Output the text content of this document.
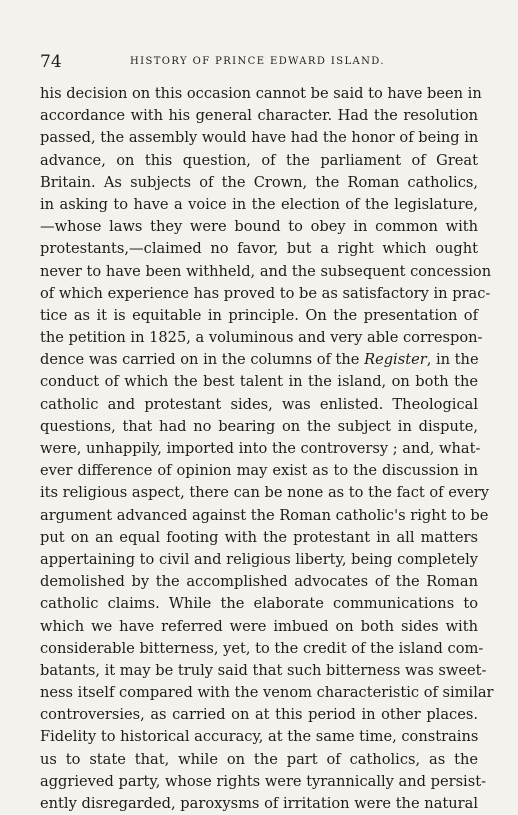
74	HISTORY OF PRINCE EDWARD ISLAND.
his decision on this occasion cannot be said to have been in
accordance with his general character. Had the resolution
passed, the assembly would have had the honor of being in
advance, on this question, of the parliament of Great
Britain. As subjects of the Crown, the Roman catholics,
in asking to have a voice in the election of the legislature,
—whose laws they were bound to obey in common with
protestants,—claimed no favor, but a right which ought
never to have been withheld, and the subsequent concession
of which experience has proved to be as satisfactory in prac-
tice as it is equitable in principle. On the presentation of
the petition in 1825, a voluminous and very able correspon-
dence was carried on in the columns of the Register, in the
conduct of which the best talent in the island, on both the
catholic and protestant sides, was enlisted. Theological
questions, that had no bearing on the subject in dispute,
were, unhappily, imported into the controversy ; and, what-
ever difference of opinion may exist as to the discussion in
its religious aspect, there can be none as to the fact of every
argument advanced against the Roman catholic's right to be
put on an equal footing with the protestant in all matters
appertaining to civil and religious liberty, being completely
demolished by the accomplished advocates of the Roman
catholic claims. While the elaborate communications to
which we have referred were imbued on both sides with
considerable bitterness, yet, to the credit of the island com-
batants, it may be truly said that such bitterness was sweet-
ness itself compared with the venom characteristic of similar
controversies, as carried on at this period in other places.
Fidelity to historical accuracy, at the same time, constrains
us to state that, while on the part of catholics, as the
aggrieved party, whose rights were tyrannically and persist-
ently disregarded, paroxysms of irritation were the natural
